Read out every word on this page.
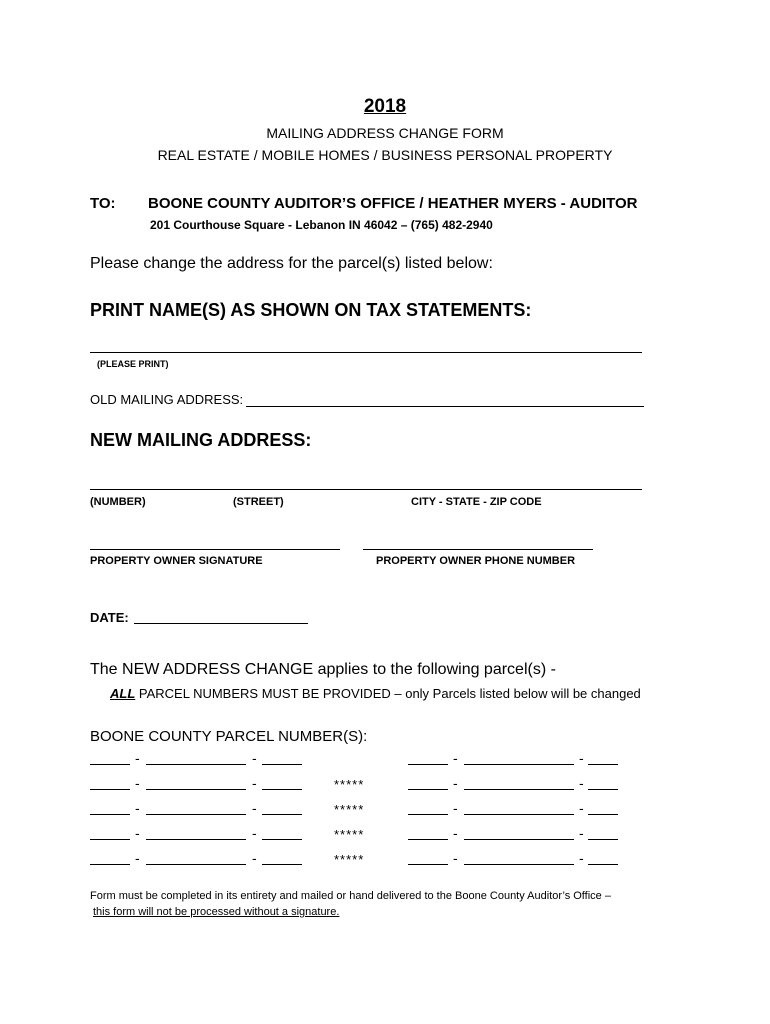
2018
MAILING ADDRESS CHANGE FORM
REAL ESTATE / MOBILE HOMES / BUSINESS PERSONAL PROPERTY
TO: BOONE COUNTY AUDITOR’S OFFICE / HEATHER MYERS - AUDITOR
201 Courthouse Square - Lebanon IN 46042 – (765) 482-2940
Please change the address for the parcel(s) listed below:
PRINT NAME(S) AS SHOWN ON TAX STATEMENTS:
(PLEASE PRINT)
OLD MAILING ADDRESS:
NEW MAILING ADDRESS:
(NUMBER)	(STREET)	CITY - STATE - ZIP CODE
PROPERTY OWNER SIGNATURE	PROPERTY OWNER PHONE NUMBER
DATE:
The NEW ADDRESS CHANGE applies to the following parcel(s) -
ALL PARCEL NUMBERS MUST BE PROVIDED – only Parcels listed below will be changed
BOONE COUNTY PARCEL NUMBER(S):
-	-	-	-
-	-	*****	-	-
-	-	*****	-	-
-	-	*****	-	-
-	-	*****	-	-
Form must be completed in its entirety and mailed or hand delivered to the Boone County Auditor’s Office –
this form will not be processed without a signature.
